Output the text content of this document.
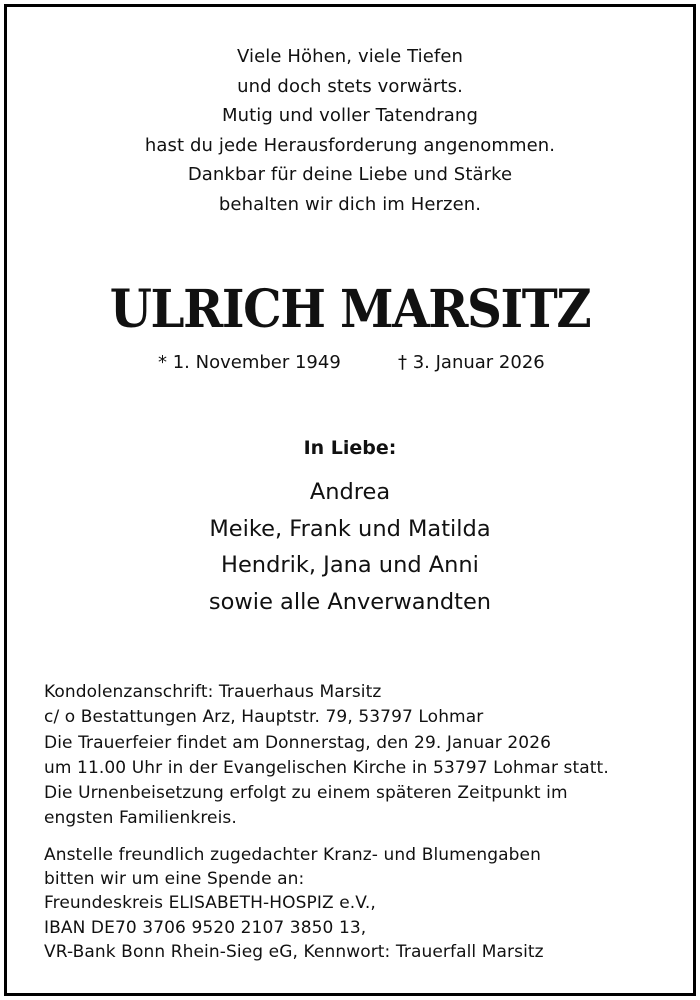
Viele Höhen, viele Tiefen
und doch stets vorwärts.
Mutig und voller Tatendrang
hast du jede Herausforderung angenommen.
Dankbar für deine Liebe und Stärke
behalten wir dich im Herzen.
ULRICH MARSITZ
* 1. November 1949	† 3. Januar 2026
In Liebe:
Andrea
Meike, Frank und Matilda
Hendrik, Jana und Anni
sowie alle Anverwandten
Kondolenzanschrift: Trauerhaus Marsitz
c/ o Bestattungen Arz, Hauptstr. 79, 53797 Lohmar
Die Trauerfeier findet am Donnerstag, den 29. Januar 2026
um 11.00 Uhr in der Evangelischen Kirche in 53797 Lohmar statt.
Die Urnenbeisetzung erfolgt zu einem späteren Zeitpunkt im
engsten Familienkreis.
Anstelle freundlich zugedachter Kranz- und Blumengaben
bitten wir um eine Spende an:
Freundeskreis ELISABETH-HOSPIZ e.V.,
IBAN DE70 3706 9520 2107 3850 13,
VR-Bank Bonn Rhein-Sieg eG, Kennwort: Trauerfall Marsitz
